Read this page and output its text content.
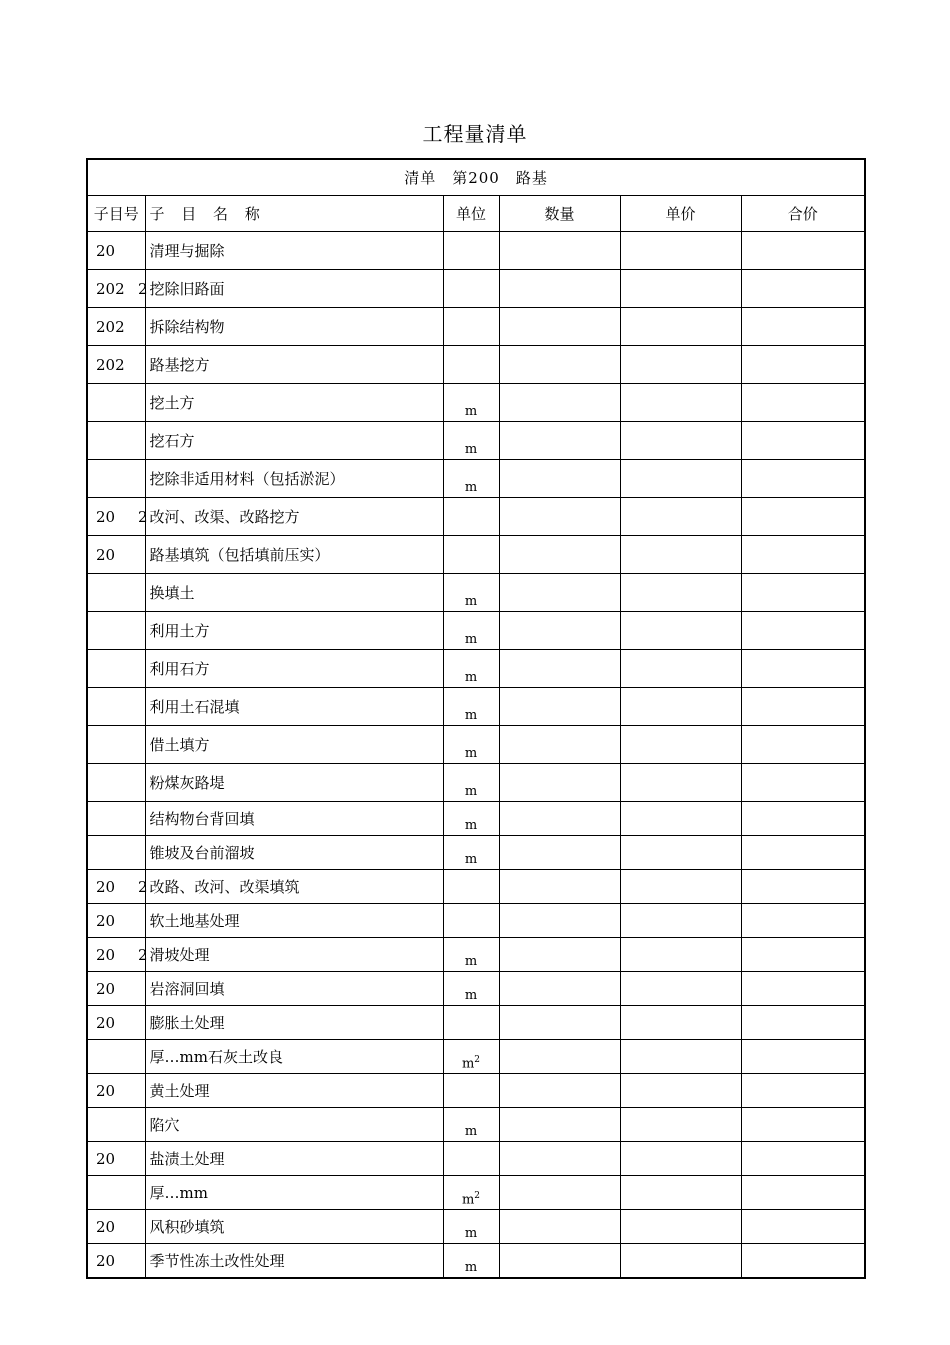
工程量清单
清单　第200　路基					
子目号	子 目 名 称	单位	数量	单价	合价
20	清理与掘除				
202 2	挖除旧路面				
202	拆除结构物				
202	路基挖方				
	挖土方	m			
	挖石方	m			
	挖除非适用材料（包括淤泥）	m			
20 2	改河、改渠、改路挖方				
20	路基填筑（包括填前压实）				
	换填土	m			
	利用土方	m			
	利用石方	m			
	利用土石混填	m			
	借土填方	m			
	粉煤灰路堤	m			
	结构物台背回填	m			
	锥坡及台前溜坡	m			
20 2	改路、改河、改渠填筑				
20	软土地基处理				
20 2	滑坡处理	m			
20	岩溶洞回填	m			
20	膨胀土处理				
	厚…mm石灰土改良	$m^2$			
20	黄土处理				
	陷穴	m			
20	盐渍土处理				
	厚…mm	$m^2$			
20	风积砂填筑	m			
20	季节性冻土改性处理	m			
